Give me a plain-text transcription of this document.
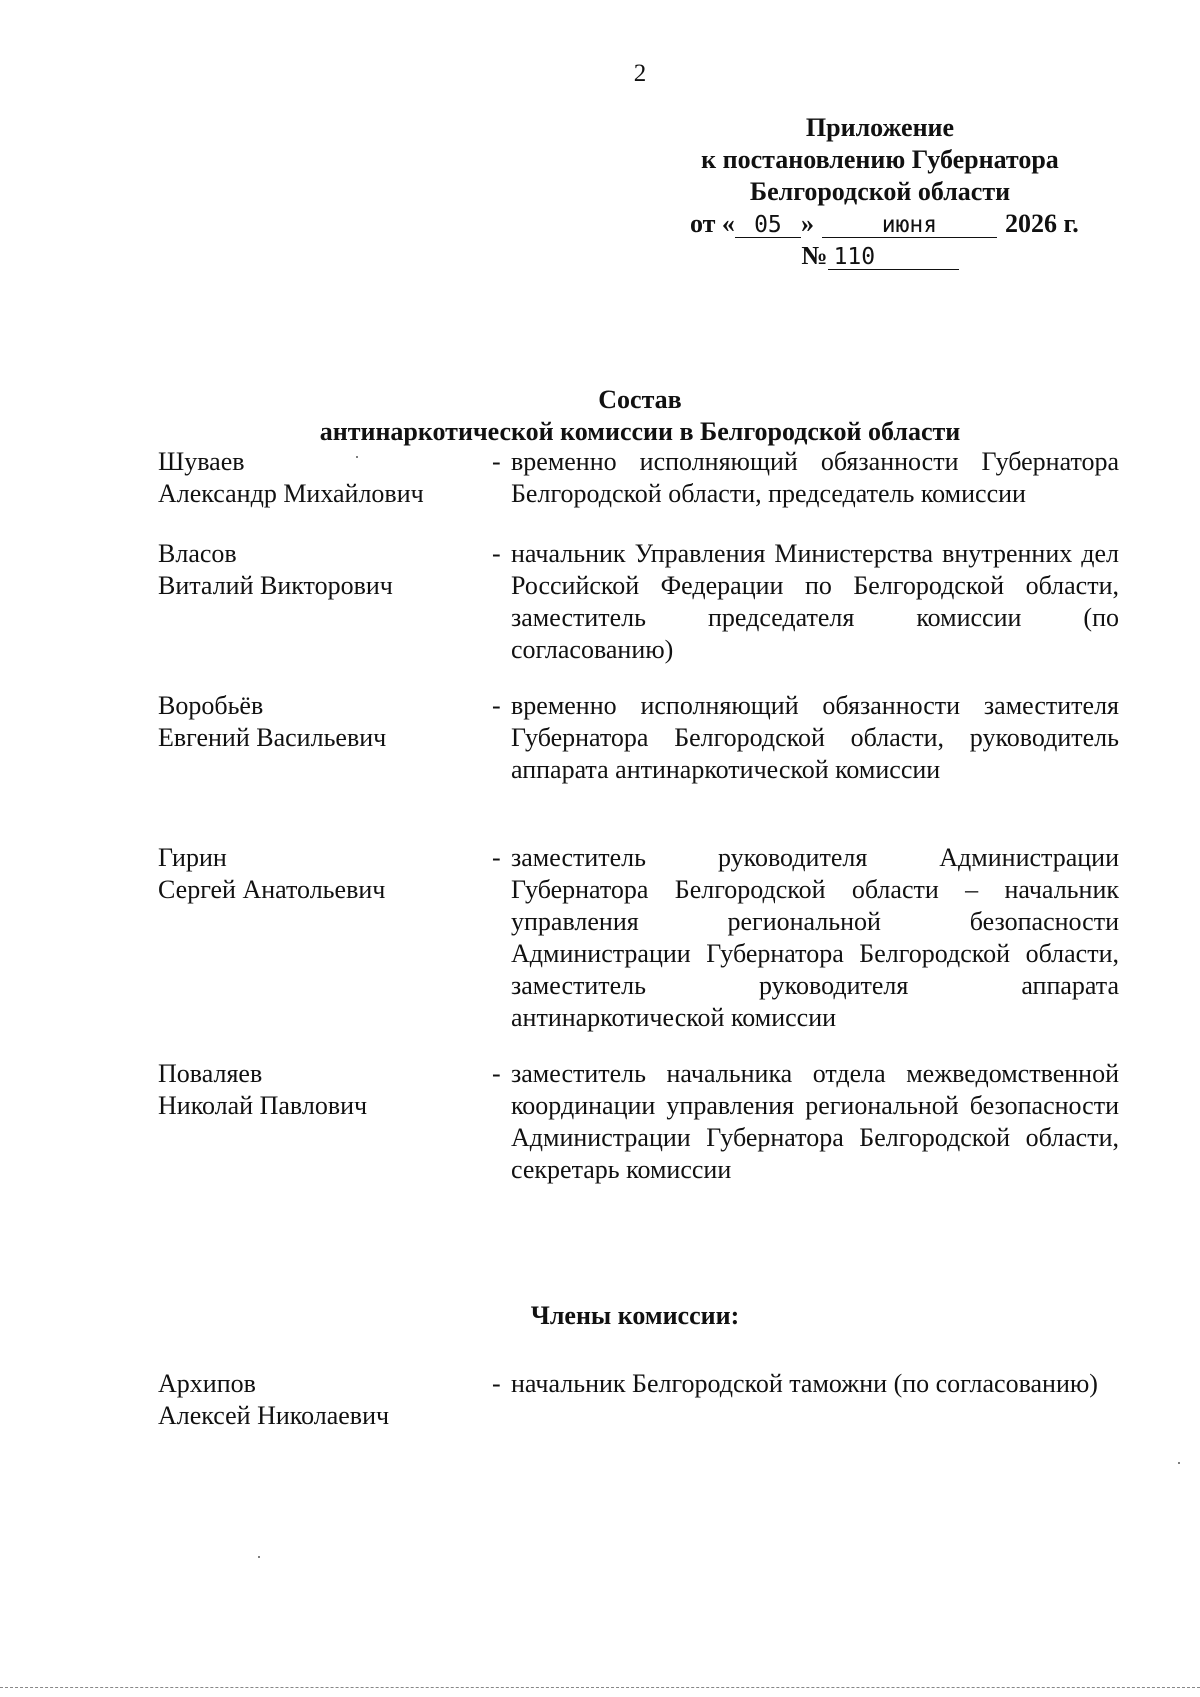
2
Приложение
к постановлению Губернатора
Белгородской области
от « 05 »	июня	2026 г.
№ 110
Состав
антинаркотической комиссии в Белгородской области
Шуваев
Александр Михайлович
- временно исполняющий обязанности Губернатора Белгородской области, председатель комиссии
Власов
Виталий Викторович
- начальник Управления Министерства внутренних дел Российской Федерации по Белгородской области, заместитель председателя комиссии (по согласованию)
Воробьёв
Евгений Васильевич
- временно исполняющий обязанности заместителя Губернатора Белгородской области, руководитель аппарата антинаркотической комиссии
Гирин
Сергей Анатольевич
- заместитель руководителя Администрации Губернатора Белгородской области – начальник управления региональной безопасности Администрации Губернатора Белгородской области, заместитель руководителя аппарата антинаркотической комиссии
Поваляев
Николай Павлович
- заместитель начальника отдела межведомственной координации управления региональной безопасности Администрации Губернатора Белгородской области, секретарь комиссии
Архипов
Алексей Николаевич
- начальник Белгородской таможни (по согласованию)
Члены комиссии:
